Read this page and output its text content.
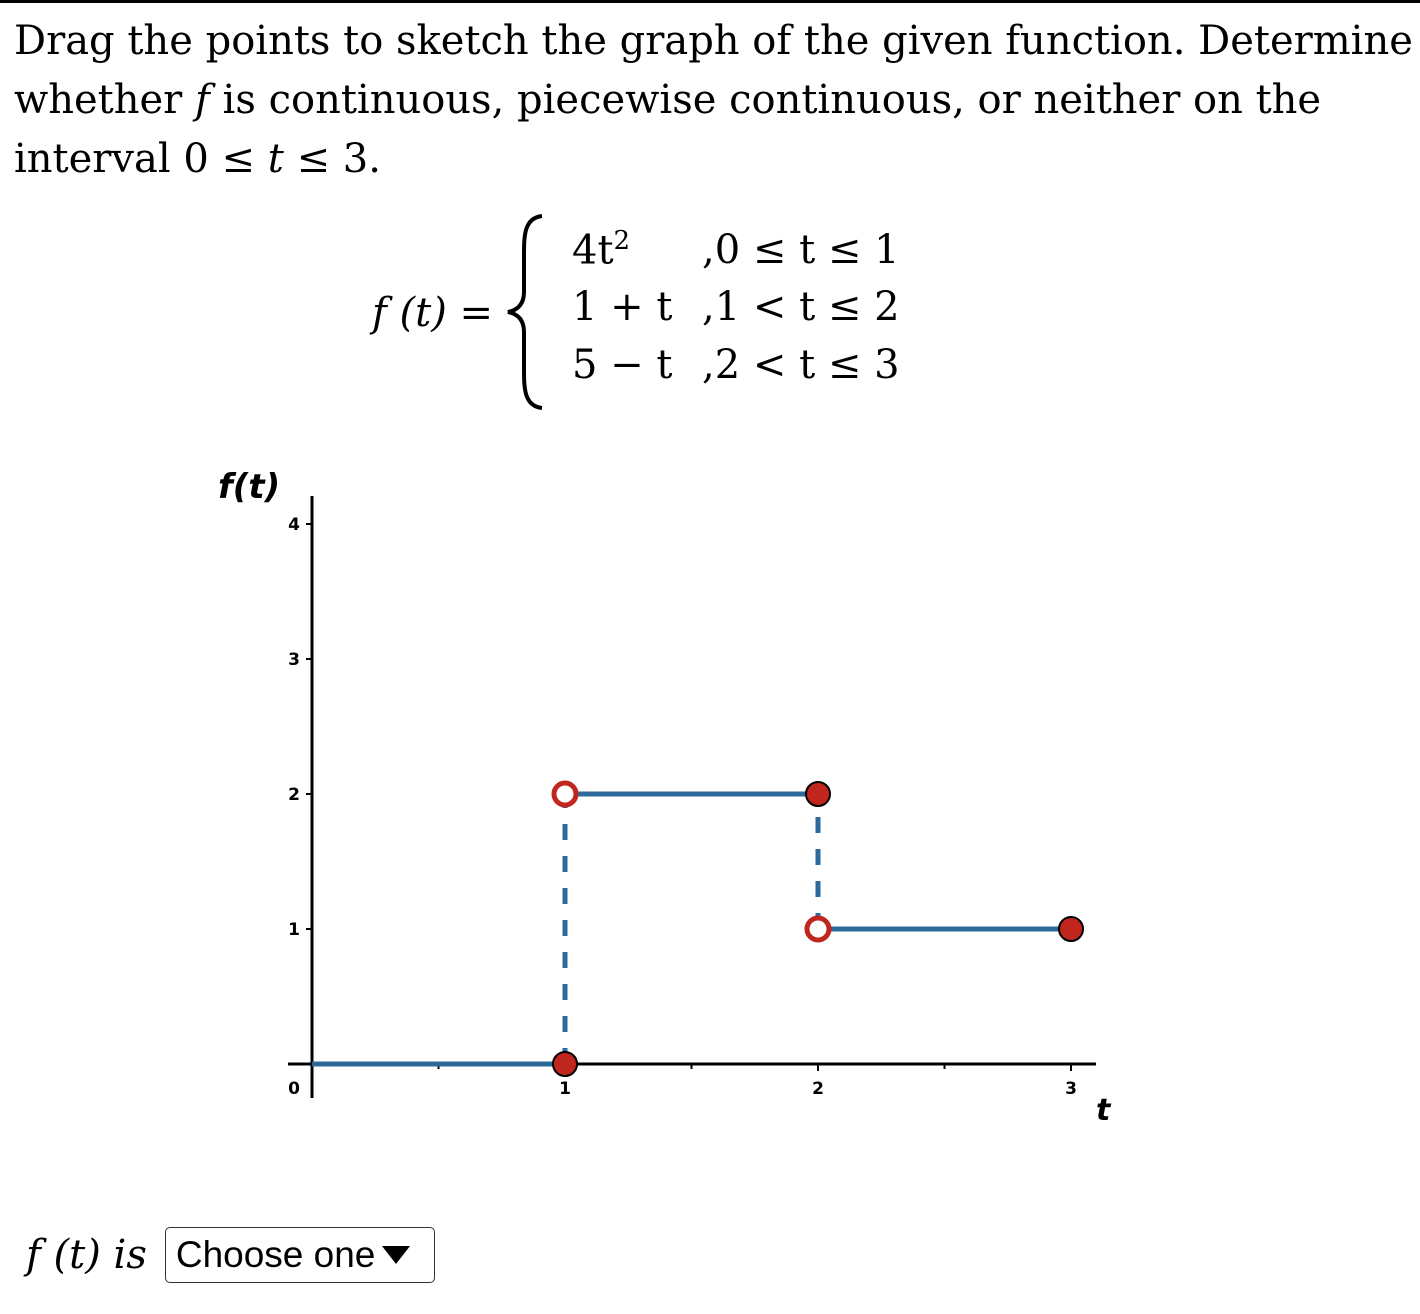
Drag the points to sketch the graph of the given function. Determine

whether f is continuous, piecewise continuous, or neither on the

interval 0 ≤ t ≤ 3.

f (t) =
$4t^2$ ,0 ≤ t ≤ 1
1 + t ,1 < t ≤ 2
5 − t ,2 < t ≤ 3
0	1	2	3
1
2
3
4
f(t)
t
f (t) is Choose one
